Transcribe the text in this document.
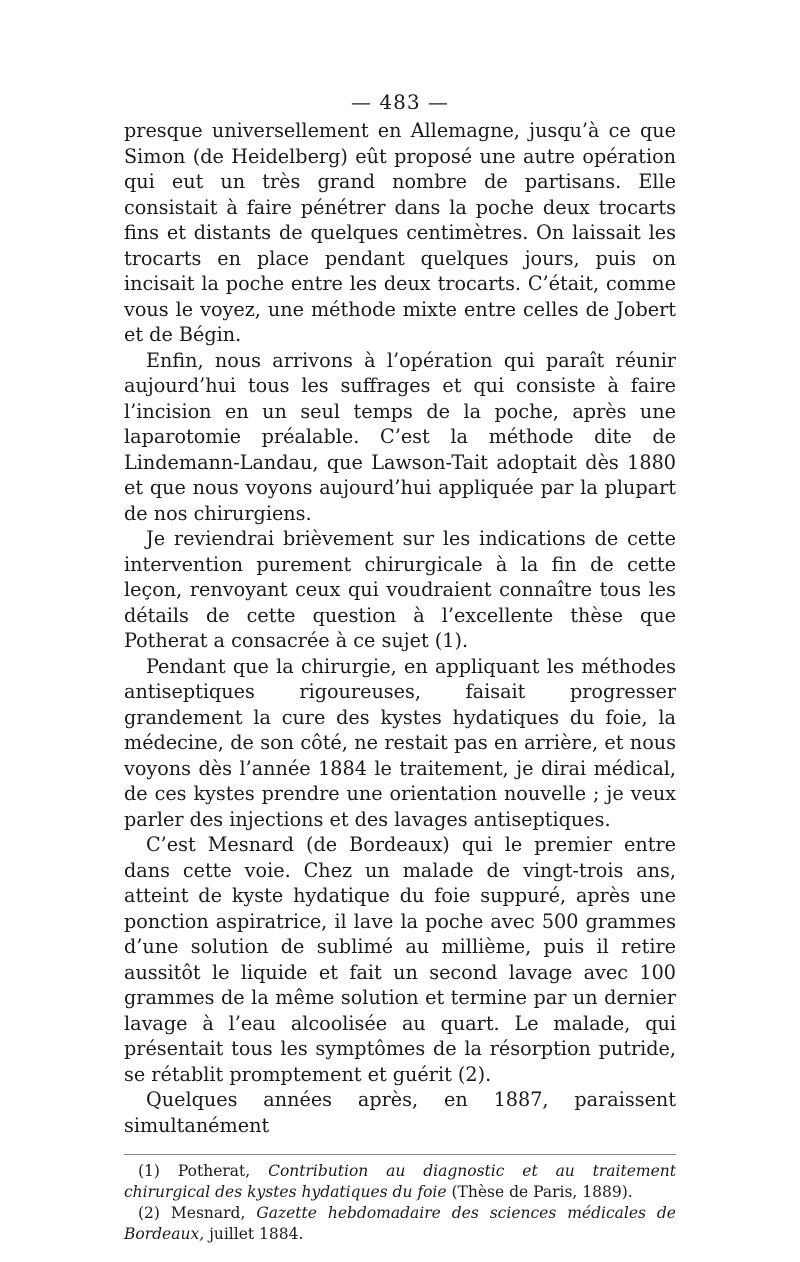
— 483 —

presque universellement en Allemagne, jusqu’à ce que Simon (de Heidelberg) eût proposé une autre opération qui eut un très grand nombre de partisans. Elle consistait à faire pénétrer dans la poche deux trocarts fins et distants de quelques centimètres. On laissait les trocarts en place pendant quelques jours, puis on incisait la poche entre les deux trocarts. C’était, comme vous le voyez, une méthode mixte entre celles de Jobert et de Bégin.

Enfin, nous arrivons à l’opération qui paraît réunir aujourd’hui tous les suffrages et qui consiste à faire l’incision en un seul temps de la poche, après une laparotomie préalable. C’est la méthode dite de Lindemann-Landau, que Lawson-Tait adoptait dès 1880 et que nous voyons aujourd’hui appliquée par la plupart de nos chirurgiens.

Je reviendrai brièvement sur les indications de cette intervention purement chirurgicale à la fin de cette leçon, renvoyant ceux qui voudraient connaître tous les détails de cette question à l’excellente thèse que Potherat a consacrée à ce sujet (1).

Pendant que la chirurgie, en appliquant les méthodes antiseptiques rigoureuses, faisait progresser grandement la cure des kystes hydatiques du foie, la médecine, de son côté, ne restait pas en arrière, et nous voyons dès l’année 1884 le traitement, je dirai médical, de ces kystes prendre une orientation nouvelle ; je veux parler des injections et des lavages antiseptiques.

C’est Mesnard (de Bordeaux) qui le premier entre dans cette voie. Chez un malade de vingt-trois ans, atteint de kyste hydatique du foie suppuré, après une ponction aspiratrice, il lave la poche avec 500 grammes d’une solution de sublimé au millième, puis il retire aussitôt le liquide et fait un second lavage avec 100 grammes de la même solution et termine par un dernier lavage à l’eau alcoolisée au quart. Le malade, qui présentait tous les symptômes de la résorption putride, se rétablit promptement et guérit (2).

Quelques années après, en 1887, paraissent simultanément

(1) Potherat, Contribution au diagnostic et au traitement chirurgical des kystes hydatiques du foie (Thèse de Paris, 1889).

(2) Mesnard, Gazette hebdomadaire des sciences médicales de Bordeaux, juillet 1884.
